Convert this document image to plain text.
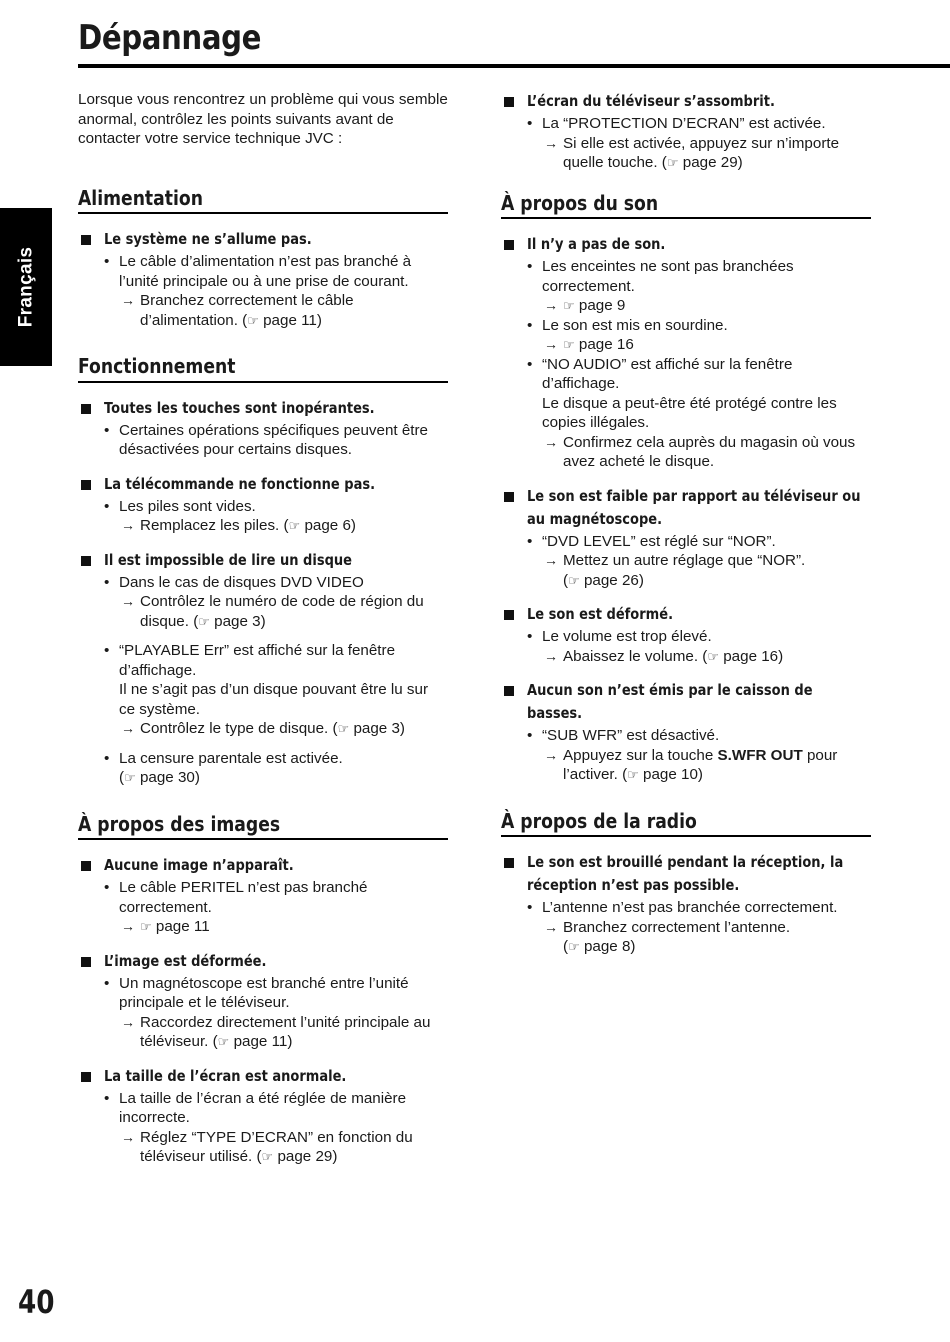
Dépannage
Français

Lorsque vous rencontrez un problème qui vous semble anormal, contrôlez les points suivants avant de contacter votre service technique JVC :

Alimentation
Le système ne s’allume pas.

• Le câble d’alimentation n’est pas branché à l’unité principale ou à une prise de courant.

→ Branchez correctement le câble d’alimentation. (☞ page 11)

Fonctionnement
Toutes les touches sont inopérantes.

• Certaines opérations spécifiques peuvent être désactivées pour certains disques.

La télécommande ne fonctionne pas.

• Les piles sont vides.

→ Remplacez les piles. (☞ page 6)

Il est impossible de lire un disque

• Dans le cas de disques DVD VIDEO

→ Contrôlez le numéro de code de région du disque. (☞ page 3)

• “PLAYABLE Err” est affiché sur la fenêtre d’affichage.

Il ne s’agit pas d’un disque pouvant être lu sur ce système.

→ Contrôlez le type de disque. (☞ page 3)

• La censure parentale est activée.

(☞ page 30)

À propos des images
Aucune image n’apparaît.

• Le câble PERITEL n’est pas branché correctement.

→ ☞ page 11

L’image est déformée.

• Un magnétoscope est branché entre l’unité principale et le téléviseur.

→ Raccordez directement l’unité principale au téléviseur. (☞ page 11)

La taille de l’écran est anormale.

• La taille de l’écran a été réglée de manière incorrecte.

→ Réglez “TYPE D’ECRAN” en fonction du téléviseur utilisé. (☞ page 29)

L’écran du téléviseur s’assombrit.

• La “PROTECTION D’ECRAN” est activée.

→ Si elle est activée, appuyez sur n’importe quelle touche. (☞ page 29)

À propos du son
Il n’y a pas de son.

• Les enceintes ne sont pas branchées correctement.

→ ☞ page 9

• Le son est mis en sourdine.

→ ☞ page 16

• “NO AUDIO” est affiché sur la fenêtre d’affichage.

Le disque a peut-être été protégé contre les copies illégales.

→ Confirmez cela auprès du magasin où vous avez acheté le disque.

Le son est faible par rapport au téléviseur ou au magnétoscope.

• “DVD LEVEL” est réglé sur “NOR”.

→ Mettez un autre réglage que “NOR”.
(☞ page 26)

Le son est déformé.

• Le volume est trop élevé.

→ Abaissez le volume. (☞ page 16)

Aucun son n’est émis par le caisson de basses.

• “SUB WFR” est désactivé.

→ Appuyez sur la touche S.WFR OUT pour l’activer. (☞ page 10)

À propos de la radio
Le son est brouillé pendant la réception, la réception n’est pas possible.

• L’antenne n’est pas branchée correctement.

→ Branchez correctement l’antenne.
(☞ page 8)

40
